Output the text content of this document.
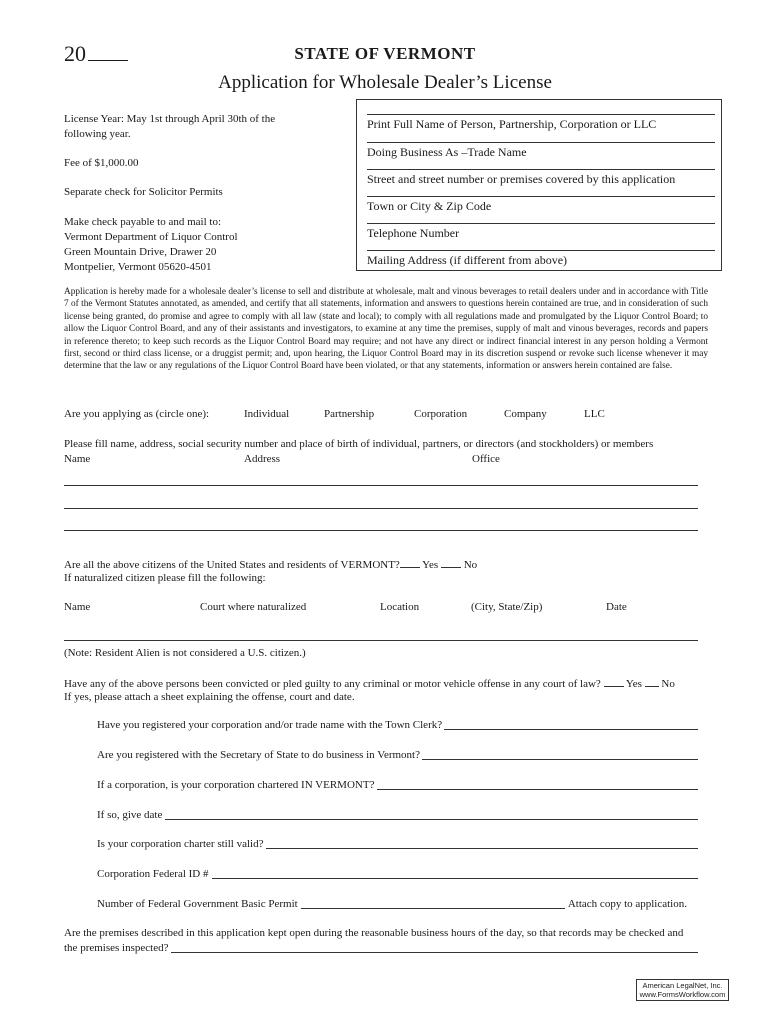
20	STATE OF VERMONT
Application for Wholesale Dealer’s License
License Year: May 1st through April 30th of the
following year.
Fee of $1,000.00
Separate check for Solicitor Permits
Make check payable to and mail to:
Vermont Department of Liquor Control
Green Mountain Drive, Drawer 20
Montpelier, Vermont 05620-4501
Print Full Name of Person, Partnership, Corporation or LLC
Doing Business As –Trade Name
Street and street number or premises covered by this application
Town or City & Zip Code
Telephone Number
Mailing Address (if different from above)
Application is hereby made for a wholesale dealer’s license to sell and distribute at wholesale, malt and vinous beverages to retail dealers under and in accordance with Title 7 of the Vermont Statutes annotated, as amended, and certify that all statements, information and answers to questions herein contained are true, and in consideration of such license being granted, do promise and agree to comply with all law (state and local); to comply with all regulations made and promulgated by the Liquor Control Board; to allow the Liquor Control Board, and any of their assistants and investigators, to examine at any time the premises, supply of malt and vinous beverages, records and papers in reference thereto; to keep such records as the Liquor Control Board may require; and not have any direct or indirect financial interest in any person holding a Vermont first, second or third class license, or a druggist permit; and, upon hearing, the Liquor Control Board may in its discretion suspend or revoke such license whenever it may determine that the law or any regulations of the Liquor Control Board have been violated, or that any statements, information or answers herein contained are false.
Are you applying as (circle one):	Individual	Partnership	Corporation	Company	LLC
Please fill name, address, social security number and place of birth of individual, partners, or directors (and stockholders) or members
Name	Address	Office
Are all the above citizens of the United States and residents of VERMONT? Yes No
If naturalized citizen please fill the following:
Name	Court where naturalized	Location	(City, State/Zip)	Date
(Note: Resident Alien is not considered a U.S. citizen.)
Have any of the above persons been convicted or pled guilty to any criminal or motor vehicle offense in any court of law? Yes No
If yes, please attach a sheet explaining the offense, court and date.
Have you registered your corporation and/or trade name with the Town Clerk?
Are you registered with the Secretary of State to do business in Vermont?
If a corporation, is your corporation chartered IN VERMONT?
If so, give date
Is your corporation charter still valid?
Corporation Federal ID #
Number of Federal Government Basic Permit	Attach copy to application.
Are the premises described in this application kept open during the reasonable business hours of the day, so that records may be checked and
the premises inspected?
American LegalNet, Inc.
www.FormsWorkflow.com
